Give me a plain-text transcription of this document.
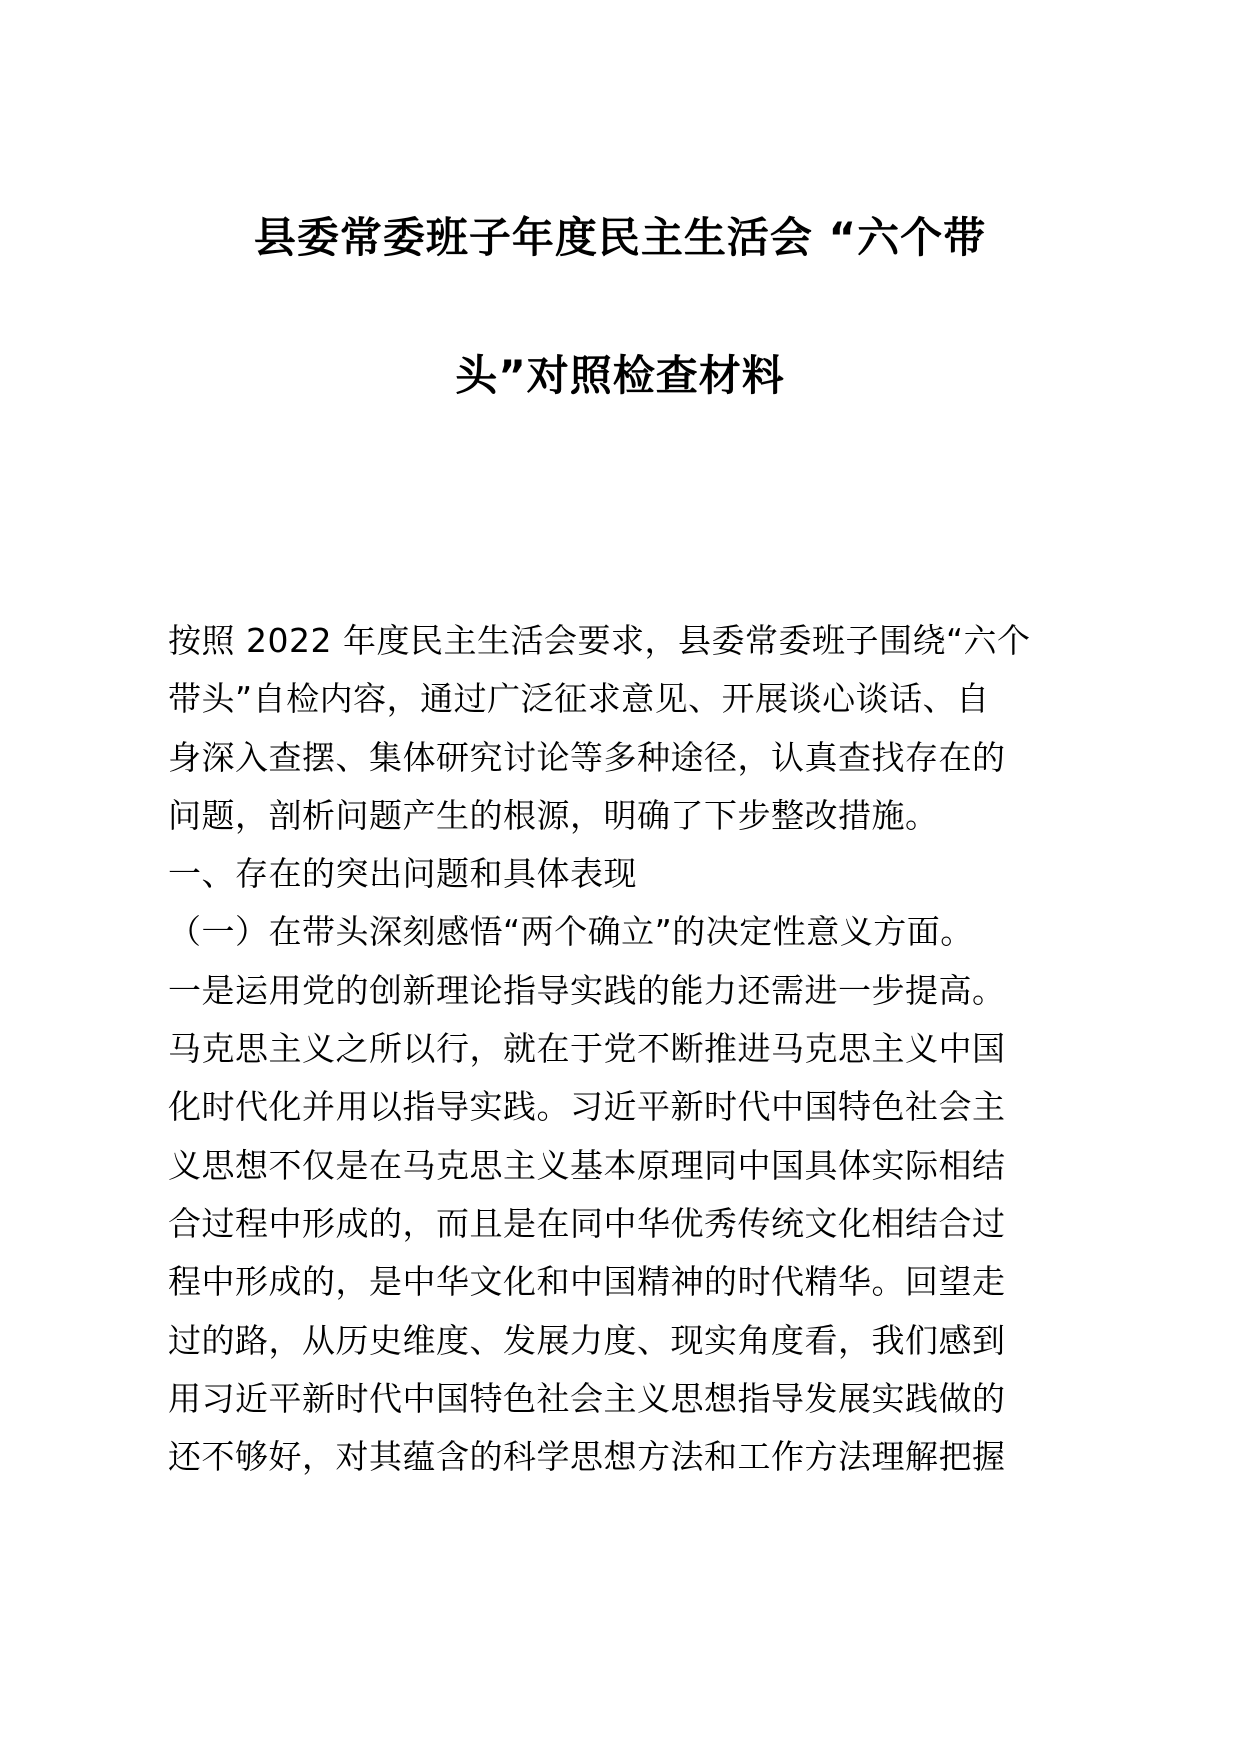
县委常委班子年度民主生活会 “六个带
头”对照检查材料
按照 2022 年度民主生活会要求，县委常委班子围绕“六个
带头”自检内容，通过广泛征求意见、开展谈心谈话、自
身深入查摆、集体研究讨论等多种途径，认真查找存在的
问题，剖析问题产生的根源，明确了下步整改措施。
一、存在的突出问题和具体表现
（一）在带头深刻感悟“两个确立”的决定性意义方面。
一是运用党的创新理论指导实践的能力还需进一步提高。
马克思主义之所以行，就在于党不断推进马克思主义中国
化时代化并用以指导实践。习近平新时代中国特色社会主
义思想不仅是在马克思主义基本原理同中国具体实际相结
合过程中形成的，而且是在同中华优秀传统文化相结合过
程中形成的，是中华文化和中国精神的时代精华。回望走
过的路，从历史维度、发展力度、现实角度看，我们感到
用习近平新时代中国特色社会主义思想指导发展实践做的
还不够好，对其蕴含的科学思想方法和工作方法理解把握
